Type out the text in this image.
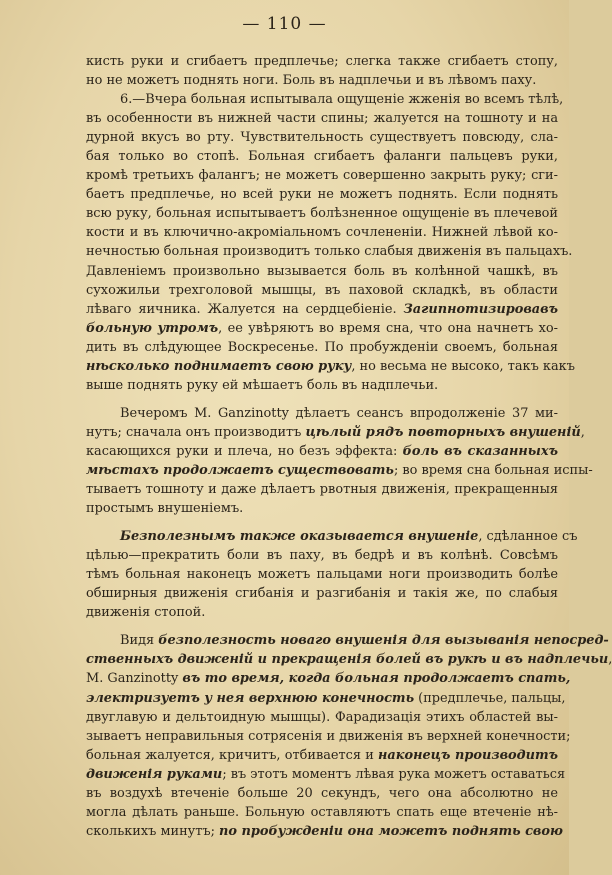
— 110 —
кисть руки и сгибаетъ предплечье; слегка также сгибаетъ стопу,
но не можетъ поднять ноги. Боль въ надплечьи и въ лѣвомъ паху.
6.—Вчера больная испытывала ощущеніе жженія во всемъ тѣлѣ,
въ особенности въ нижней части спины; жалуется на тошноту и на
дурной вкусъ во рту. Чувствительность существуетъ повсюду, сла-
бая только во стопѣ. Больная сгибаетъ фаланги пальцевъ руки,
кромѣ третьихъ фалангъ; не можетъ совершенно закрыть руку; сги-
баетъ предплечье, но всей руки не можетъ поднять. Если поднять
всю руку, больная испытываетъ болѣзненное ощущеніе въ плечевой
кости и въ ключично-акроміальномъ сочлененіи. Нижней лѣвой ко-
нечностью больная производитъ только слабыя движенія въ пальцахъ.
Давленіемъ произвольно вызывается боль въ колѣнной чашкѣ, въ
сухожильи трехголовой мышцы, въ паховой складкѣ, въ области
лѣваго яичника. Жалуется на сердцебіеніе. Загипнотизировавъ
больную утромъ, ее увѣряютъ во время сна, что она начнетъ хо-
дить въ слѣдующее Воскресенье. По пробужденіи своемъ, больная
нѣсколько поднимаетъ свою руку, но весьма не высоко, такъ какъ
выше поднять руку ей мѣшаетъ боль въ надплечьи.
Вечеромъ М. Ganzinotty дѣлаетъ сеансъ впродолженіе 37 ми-
нутъ; сначала онъ производитъ цѣлый рядъ повторныхъ внушеній,
касающихся руки и плеча, но безъ эффекта: боль въ сказанныхъ
мѣстахъ продолжаетъ существовать; во время сна больная испы-
тываетъ тошноту и даже дѣлаетъ рвотныя движенія, прекращенныя
простымъ внушеніемъ.
Безполезнымъ также оказывается внушеніе, сдѣланное съ
цѣлью—прекратить боли въ паху, въ бедрѣ и въ колѣнѣ. Совсѣмъ
тѣмъ больная наконецъ можетъ пальцами ноги производить болѣе
обширныя движенія сгибанія и разгибанія и такія же, по слабыя
движенія стопой.
Видя безполезность новаго внушенія для вызыванія непосред-
ственныхъ движеній и прекращенія болей въ рукѣ и въ надплечьи,
М. Ganzinotty въ то время, когда больная продолжаетъ спать,
электризуетъ у нея верхнюю конечность (предплечье, пальцы,
двуглавую и дельтоидную мышцы). Фарадизація этихъ областей вы-
зываетъ неправильныя сотрясенія и движенія въ верхней конечности;
больная жалуется, кричитъ, отбивается и наконецъ производитъ
движенія руками; въ этотъ моментъ лѣвая рука можетъ оставаться
въ воздухѣ втеченіе больше 20 секундъ, чего она абсолютно не
могла дѣлать раньше. Больную оставляютъ спать еще втеченіе нѣ-
сколькихъ минутъ; по пробужденіи она можетъ поднять свою
